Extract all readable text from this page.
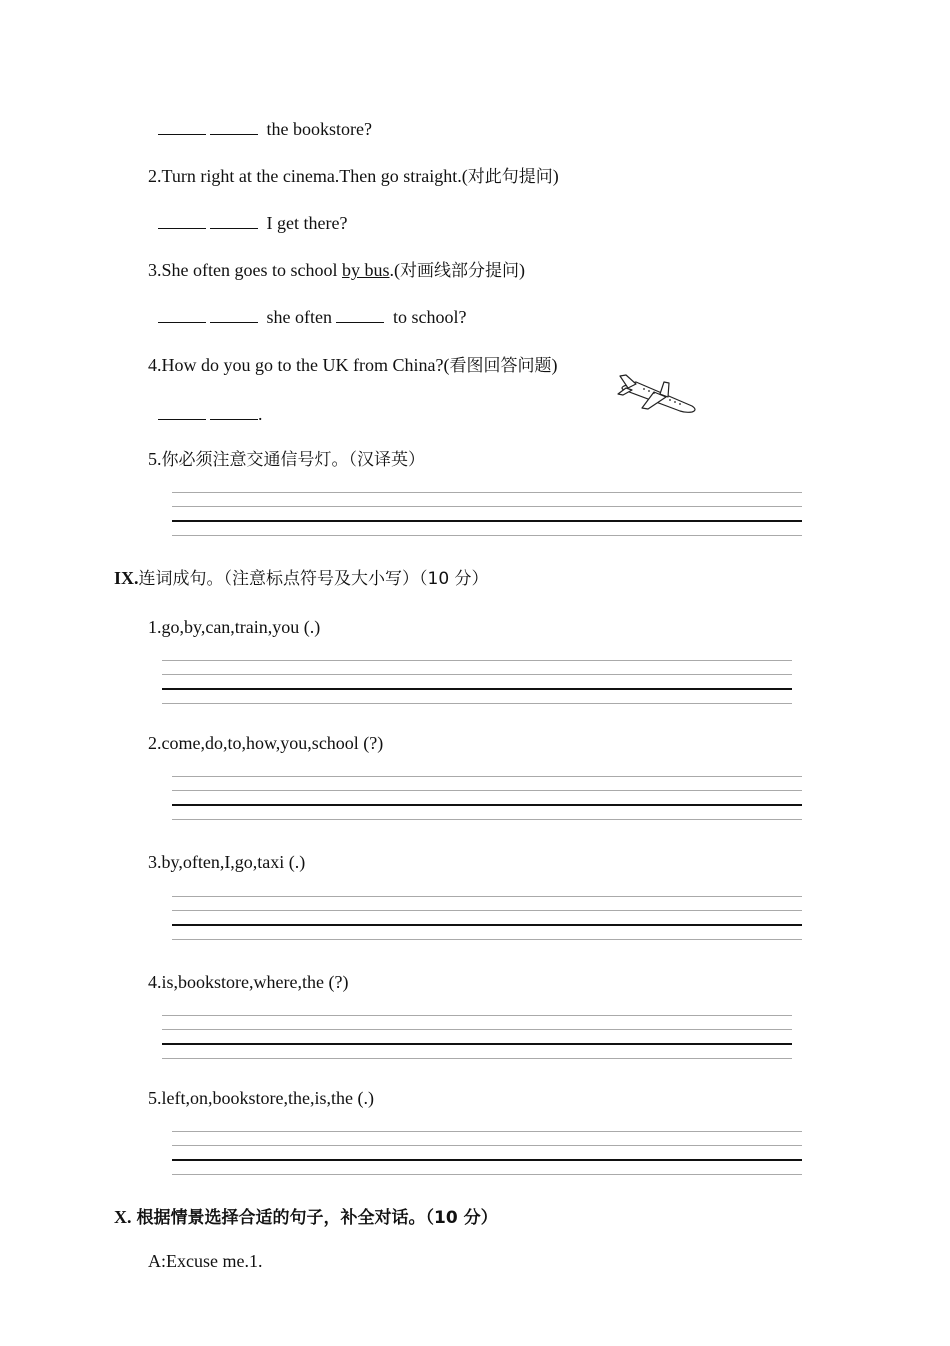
the bookstore?
2.Turn right at the cinema.Then go straight.(对此句提问)
I get there?
3.She often goes to school by bus.(对画线部分提问)
she often	to school?
4.How do you go to the UK from China?(看图回答问题)
.
5.你必须注意交通信号灯。（汉译英）
IX.连词成句。（注意标点符号及大小写）（10 分）
1.go,by,can,train,you (.)
2.come,do,to,how,you,school (?)
3.by,often,I,go,taxi (.)
4.is,bookstore,where,the (?)
5.left,on,bookstore,the,is,the (.)
X. 根据情景选择合适的句子，补全对话。（10 分）
A:Excuse me.1.
